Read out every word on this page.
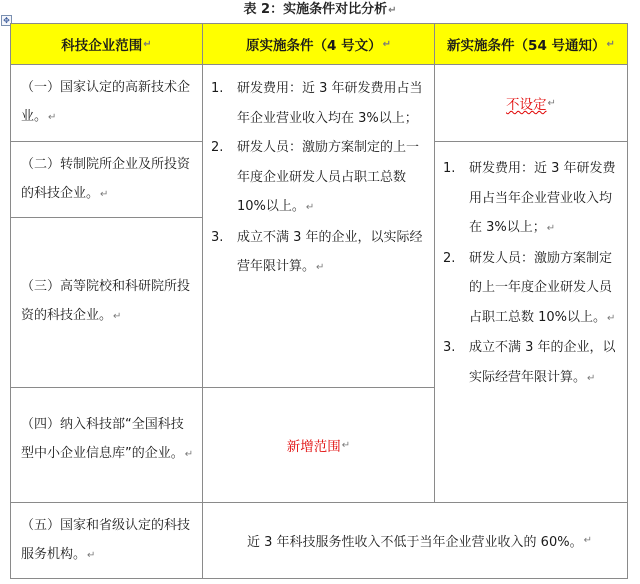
表 2：实施条件对比分析↵
✥
科技企业范围 ↵	原实施条件（4 号文） ↵	新实施条件（54 号通知） ↵
（一）国家认定的高新技术企业。↵
（二）转制院所企业及所投资的科技企业。↵
（三）高等院校和科研院所投资的科技企业。↵
（四）纳入科技部“全国科技型中小企业信息库”的企业。↵
（五）国家和省级认定的科技服务机构。↵
1. 研发费用：近 3 年研发费用占当年企业营业收入均在 3%以上；
2. 研发人员：激励方案制定的上一年度企业研发人员占职工总数 10%以上。↵
3. 成立不满 3 年的企业，以实际经营年限计算。↵
新增范围 ↵
不设定 ↵
1. 研发费用：近 3 年研发费用占当年企业营业收入均在 3%以上；↵
2. 研发人员：激励方案制定的上一年度企业研发人员占职工总数 10%以上。↵
3. 成立不满 3 年的企业，以实际经营年限计算。↵
近 3 年科技服务性收入不低于当年企业营业收入的 60%。 ↵
